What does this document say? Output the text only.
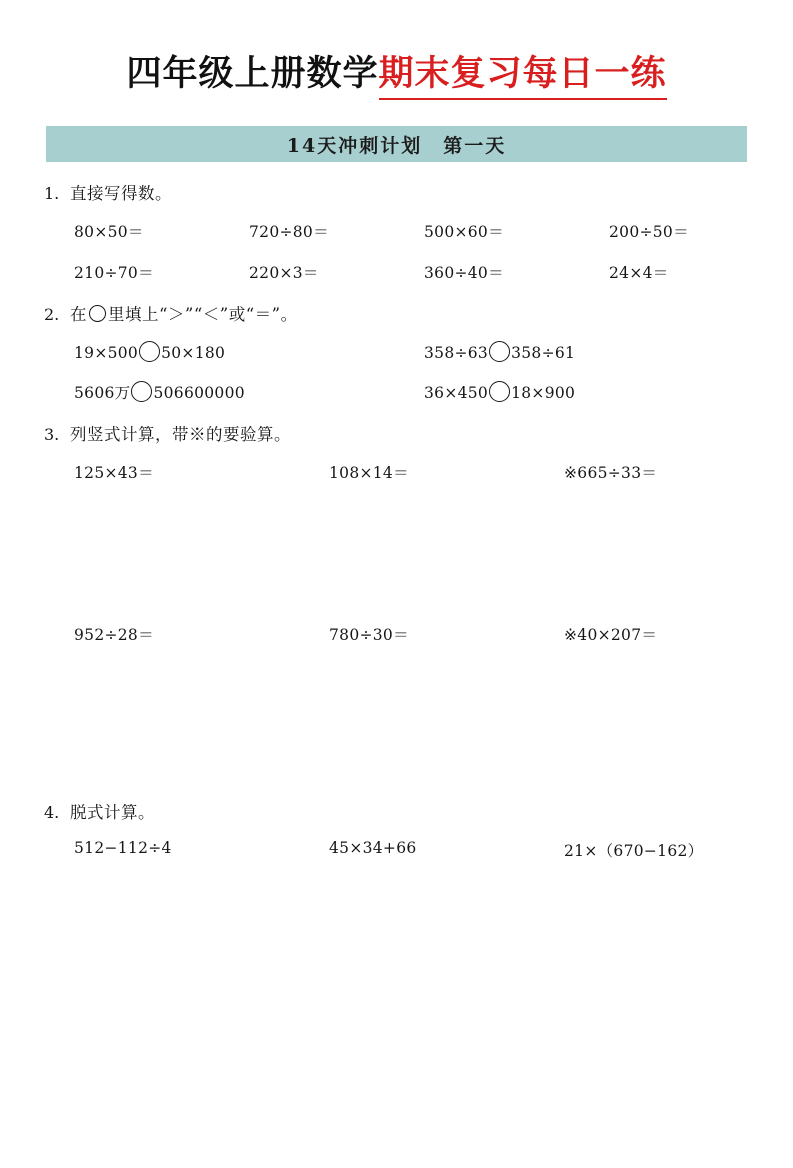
四年级上册数学 期末复习每日一练
14天冲刺计划　第一天
1. 直接写得数。
80×50＝	720÷80＝	500×60＝	200÷50＝
210÷70＝	220×3＝	360÷40＝	24×4＝
2. 在 里填上“＞”“＜”或“＝”。
19×500 50×180	358÷63 358÷61
5606万 506600000	36×450 18×900
3. 列竖式计算，带※的要验算。
125×43＝	108×14＝	※665÷33＝
952÷28＝	780÷30＝	※40×207＝
4. 脱式计算。
512−112÷4	45×34+66	21×（670−162）
